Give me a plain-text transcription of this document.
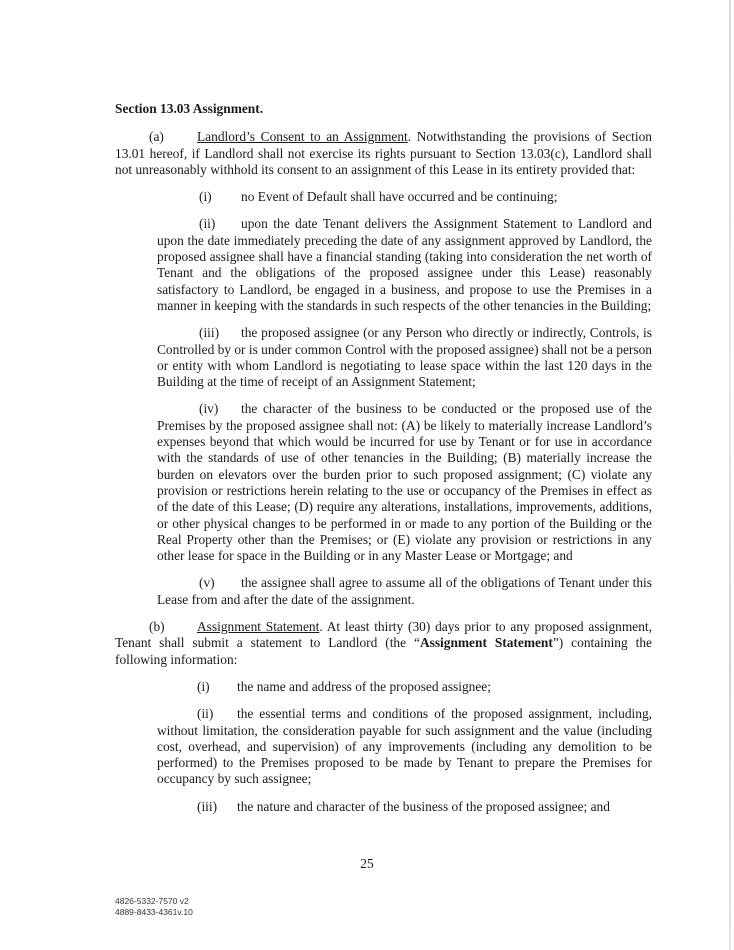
Section 13.03 Assignment.

(a) Landlord’s Consent to an Assignment. Notwithstanding the provisions of Section 13.01 hereof, if Landlord shall not exercise its rights pursuant to Section 13.03(c), Landlord shall not unreasonably withhold its consent to an assignment of this Lease in its entirety provided that:

(i) no Event of Default shall have occurred and be continuing;

(ii) upon the date Tenant delivers the Assignment Statement to Landlord and upon the date immediately preceding the date of any assignment approved by Landlord, the proposed assignee shall have a financial standing (taking into consideration the net worth of Tenant and the obligations of the proposed assignee under this Lease) reasonably satisfactory to Landlord, be engaged in a business, and propose to use the Premises in a manner in keeping with the standards in such respects of the other tenancies in the Building;

(iii) the proposed assignee (or any Person who directly or indirectly, Controls, is Controlled by or is under common Control with the proposed assignee) shall not be a person or entity with whom Landlord is negotiating to lease space within the last 120 days in the Building at the time of receipt of an Assignment Statement;

(iv) the character of the business to be conducted or the proposed use of the Premises by the proposed assignee shall not: (A) be likely to materially increase Landlord’s expenses beyond that which would be incurred for use by Tenant or for use in accordance with the standards of use of other tenancies in the Building; (B) materially increase the burden on elevators over the burden prior to such proposed assignment; (C) violate any provision or restrictions herein relating to the use or occupancy of the Premises in effect as of the date of this Lease; (D) require any alterations, installations, improvements, additions, or other physical changes to be performed in or made to any portion of the Building or the Real Property other than the Premises; or (E) violate any provision or restrictions in any other lease for space in the Building or in any Master Lease or Mortgage; and

(v) the assignee shall agree to assume all of the obligations of Tenant under this Lease from and after the date of the assignment.

(b) Assignment Statement. At least thirty (30) days prior to any proposed assignment, Tenant shall submit a statement to Landlord (the “Assignment Statement”) containing the following information:

(i) the name and address of the proposed assignee;

(ii) the essential terms and conditions of the proposed assignment, including, without limitation, the consideration payable for such assignment and the value (including cost, overhead, and supervision) of any improvements (including any demolition to be performed) to the Premises proposed to be made by Tenant to prepare the Premises for occupancy by such assignee;

(iii) the nature and character of the business of the proposed assignee; and

25
4826-5332-7570 v2
4889-8433-4361v.10
